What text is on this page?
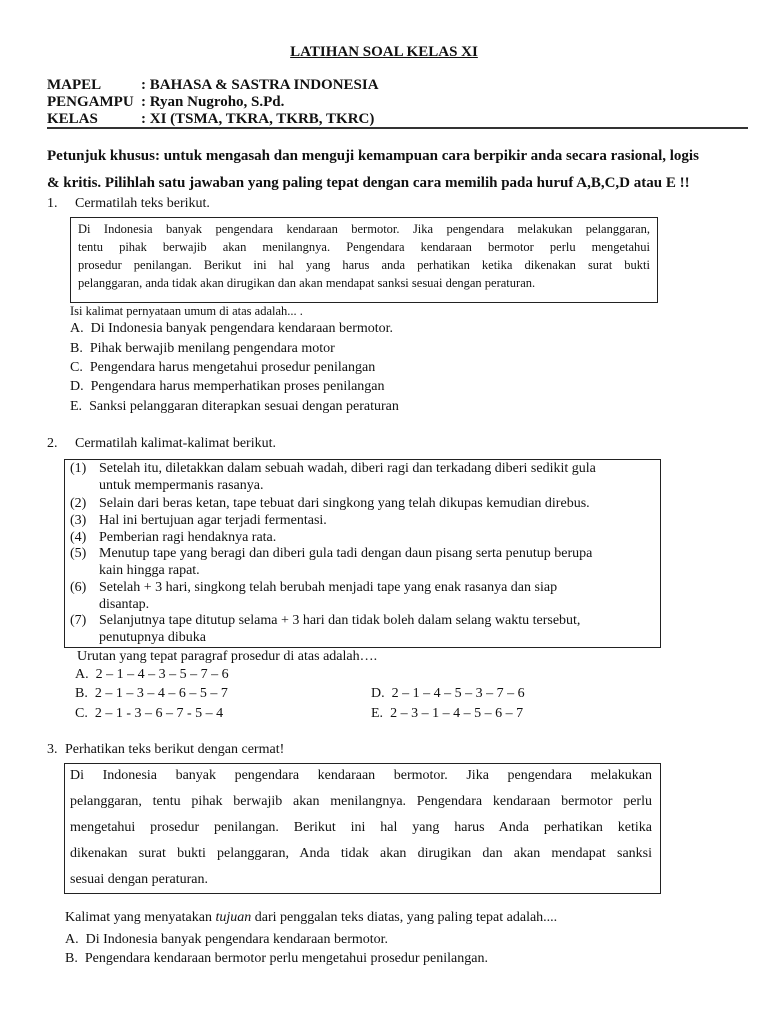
LATIHAN SOAL KELAS XI
MAPEL	: BAHASA & SASTRA INDONESIA
PENGAMPU : Ryan Nugroho, S.Pd.
KELAS	: XI (TSMA, TKRA, TKRB, TKRC)
Petunjuk khusus: untuk mengasah dan menguji kemampuan cara berpikir anda secara rasional, logis
& kritis. Pilihlah satu jawaban yang paling tepat dengan cara memilih pada huruf A,B,C,D atau E !!
1. Cermatilah teks berikut.
Di Indonesia banyak pengendara kendaraan bermotor. Jika pengendara melakukan pelanggaran,
tentu pihak berwajib akan menilangnya. Pengendara kendaraan bermotor perlu mengetahui
prosedur penilangan. Berikut ini hal yang harus anda perhatikan ketika dikenakan surat bukti
pelanggaran, anda tidak akan dirugikan dan akan mendapat sanksi sesuai dengan peraturan.
Isi kalimat pernyataan umum di atas adalah... .
A. Di Indonesia banyak pengendara kendaraan bermotor.
B. Pihak berwajib menilang pengendara motor
C. Pengendara harus mengetahui prosedur penilangan
D. Pengendara harus memperhatikan proses penilangan
E. Sanksi pelanggaran diterapkan sesuai dengan peraturan
2. Cermatilah kalimat-kalimat berikut.
(1) Setelah itu, diletakkan dalam sebuah wadah, diberi ragi dan terkadang diberi sedikit gula
untuk mempermanis rasanya.
(2) Selain dari beras ketan, tape tebuat dari singkong yang telah dikupas kemudian direbus.
(3) Hal ini bertujuan agar terjadi fermentasi.
(4) Pemberian ragi hendaknya rata.
(5) Menutup tape yang beragi dan diberi gula tadi dengan daun pisang serta penutup berupa
kain hingga rapat.
(6) Setelah + 3 hari, singkong telah berubah menjadi tape yang enak rasanya dan siap
disantap.
(7) Selanjutnya tape ditutup selama + 3 hari dan tidak boleh dalam selang waktu tersebut,
penutupnya dibuka
Urutan yang tepat paragraf prosedur di atas adalah….
A. 2 – 1 – 4 – 3 – 5 – 7 – 6
B. 2 – 1 – 3 – 4 – 6 – 5 – 7
C.  2 – 1 - 3 – 6 – 7 - 5 – 4
D. 2 – 1 – 4 – 5 – 3 – 7 – 6
E. 2 – 3 – 1 – 4 – 5 – 6 – 7
3. Perhatikan teks berikut dengan cermat!
Di Indonesia banyak pengendara kendaraan bermotor. Jika pengendara melakukan
pelanggaran, tentu pihak berwajib akan menilangnya. Pengendara kendaraan bermotor perlu
mengetahui prosedur penilangan. Berikut ini hal yang harus Anda perhatikan ketika
dikenakan surat bukti pelanggaran, Anda tidak akan dirugikan dan akan mendapat sanksi
sesuai dengan peraturan.
Kalimat yang menyatakan tujuan dari penggalan teks diatas, yang paling tepat adalah....
A. Di Indonesia banyak pengendara kendaraan bermotor.
B. Pengendara kendaraan bermotor perlu mengetahui prosedur penilangan.
